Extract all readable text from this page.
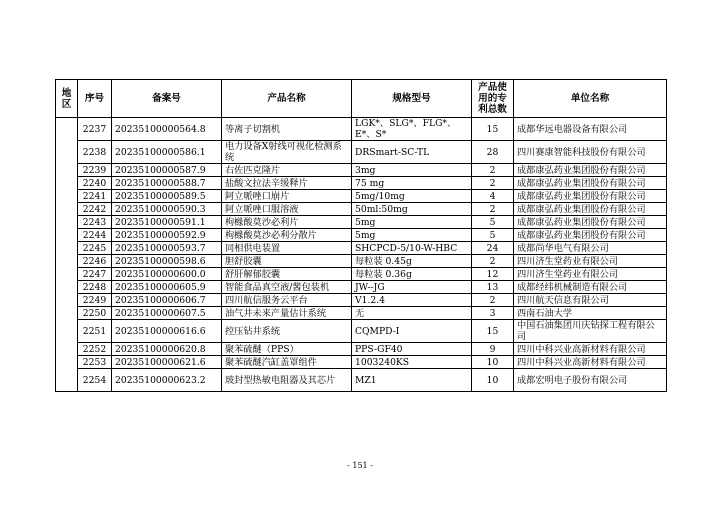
地区	序号	备案号	产品名称	规格型号	产品使用的专利总数	单位名称
	2237	20235100000564.8	等离子切割机	LGK*、SLG*、FLG*、E*、S*	15	成都华远电器设备有限公司
	2238	20235100000586.1	电力设备X射线可视化检测系统	DRSmart-SC-TL	28	四川赛康智能科技股份有限公司
	2239	20235100000587.9	右佐匹克隆片	3mg	2	成都康弘药业集团股份有限公司
	2240	20235100000588.7	盐酸文拉法辛缓释片	75 mg	2	成都康弘药业集团股份有限公司
	2241	20235100000589.5	阿立哌唑口崩片	5mg/10mg	4	成都康弘药业集团股份有限公司
	2242	20235100000590.3	阿立哌唑口服溶液	50ml:50mg	2	成都康弘药业集团股份有限公司
	2243	20235100000591.1	枸橼酸莫沙必利片	5mg	5	成都康弘药业集团股份有限公司
	2244	20235100000592.9	枸橼酸莫沙必利分散片	5mg	5	成都康弘药业集团股份有限公司
	2245	20235100000593.7	同相供电装置	SHCPCD-5/10-W-HBC	24	成都尚华电气有限公司
	2246	20235100000598.6	胆舒胶囊	每粒装 0.45g	2	四川济生堂药业有限公司
	2247	20235100000600.0	舒肝解郁胶囊	每粒装 0.36g	12	四川济生堂药业有限公司
	2248	20235100000605.9	智能食品真空液/酱包装机	JW--JG	13	成都经纬机械制造有限公司
	2249	20235100000606.7	四川航信服务云平台	V1.2.4	2	四川航天信息有限公司
	2250	20235100000607.5	油气井未来产量估计系统	无	3	西南石油大学
	2251	20235100000616.6	控压钻井系统	CQMPD-I	15	中国石油集团川庆钻探工程有限公司
	2252	20235100000620.8	聚苯硫醚（PPS）	PPS-GF40	9	四川中科兴业高新材料有限公司
	2253	20235100000621.6	聚苯硫醚汽缸盖罩组件	1003240KS	10	四川中科兴业高新材料有限公司
	2254	20235100000623.2	玻封型热敏电阻器及其芯片	MZ1	10	成都宏明电子股份有限公司
- 151 -
